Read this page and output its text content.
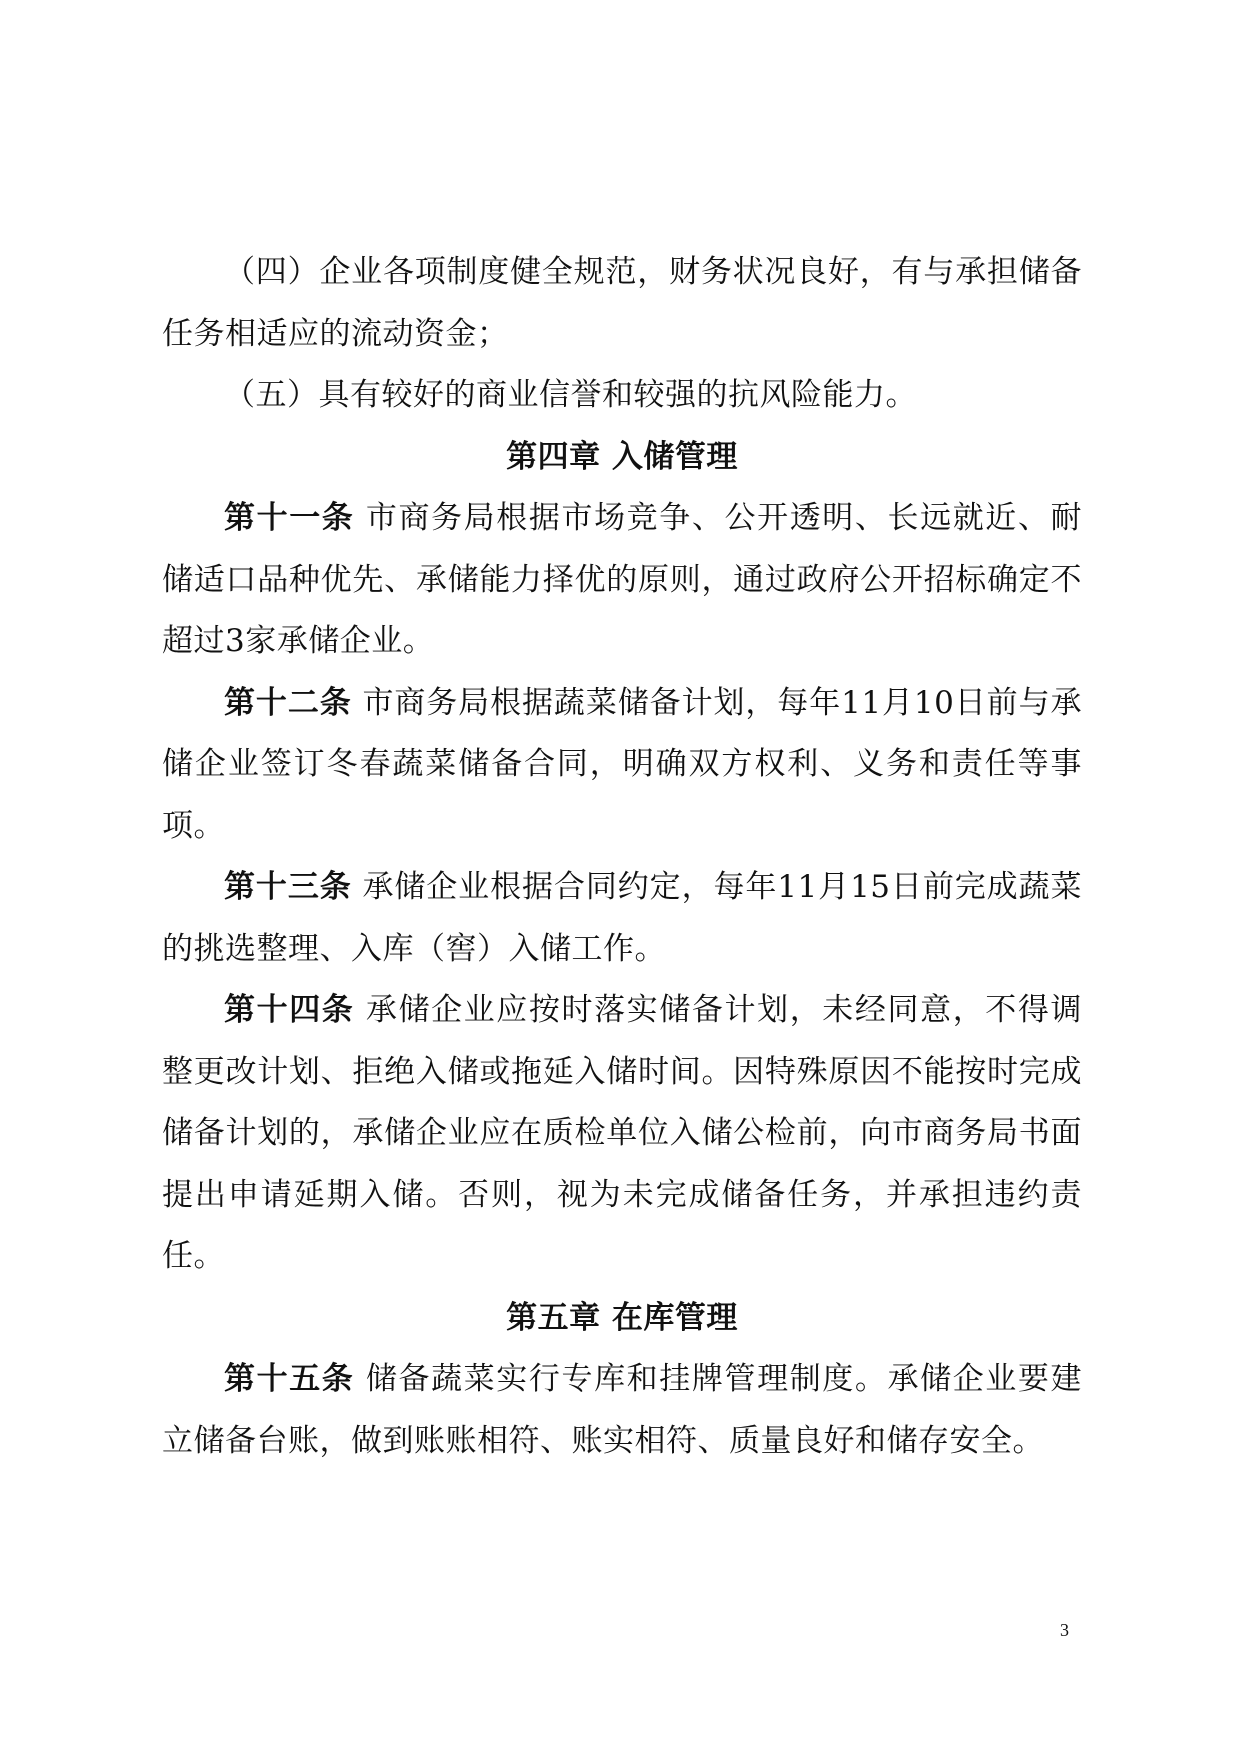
（四）企业各项制度健全规范，财务状况良好，有与承担储备任务相适应的流动资金；

（五）具有较好的商业信誉和较强的抗风险能力。

第四章 入储管理

第十一条 市商务局根据市场竞争、公开透明、长远就近、耐储适口品种优先、承储能力择优的原则，通过政府公开招标确定不超过3家承储企业。

第十二条 市商务局根据蔬菜储备计划，每年11月10日前与承储企业签订冬春蔬菜储备合同，明确双方权利、义务和责任等事项。

第十三条 承储企业根据合同约定，每年11月15日前完成蔬菜的挑选整理、入库（窖）入储工作。

第十四条 承储企业应按时落实储备计划，未经同意，不得调整更改计划、拒绝入储或拖延入储时间。因特殊原因不能按时完成储备计划的，承储企业应在质检单位入储公检前，向市商务局书面提出申请延期入储。否则，视为未完成储备任务，并承担违约责任。

第五章 在库管理

第十五条 储备蔬菜实行专库和挂牌管理制度。承储企业要建立储备台账，做到账账相符、账实相符、质量良好和储存安全。

3
